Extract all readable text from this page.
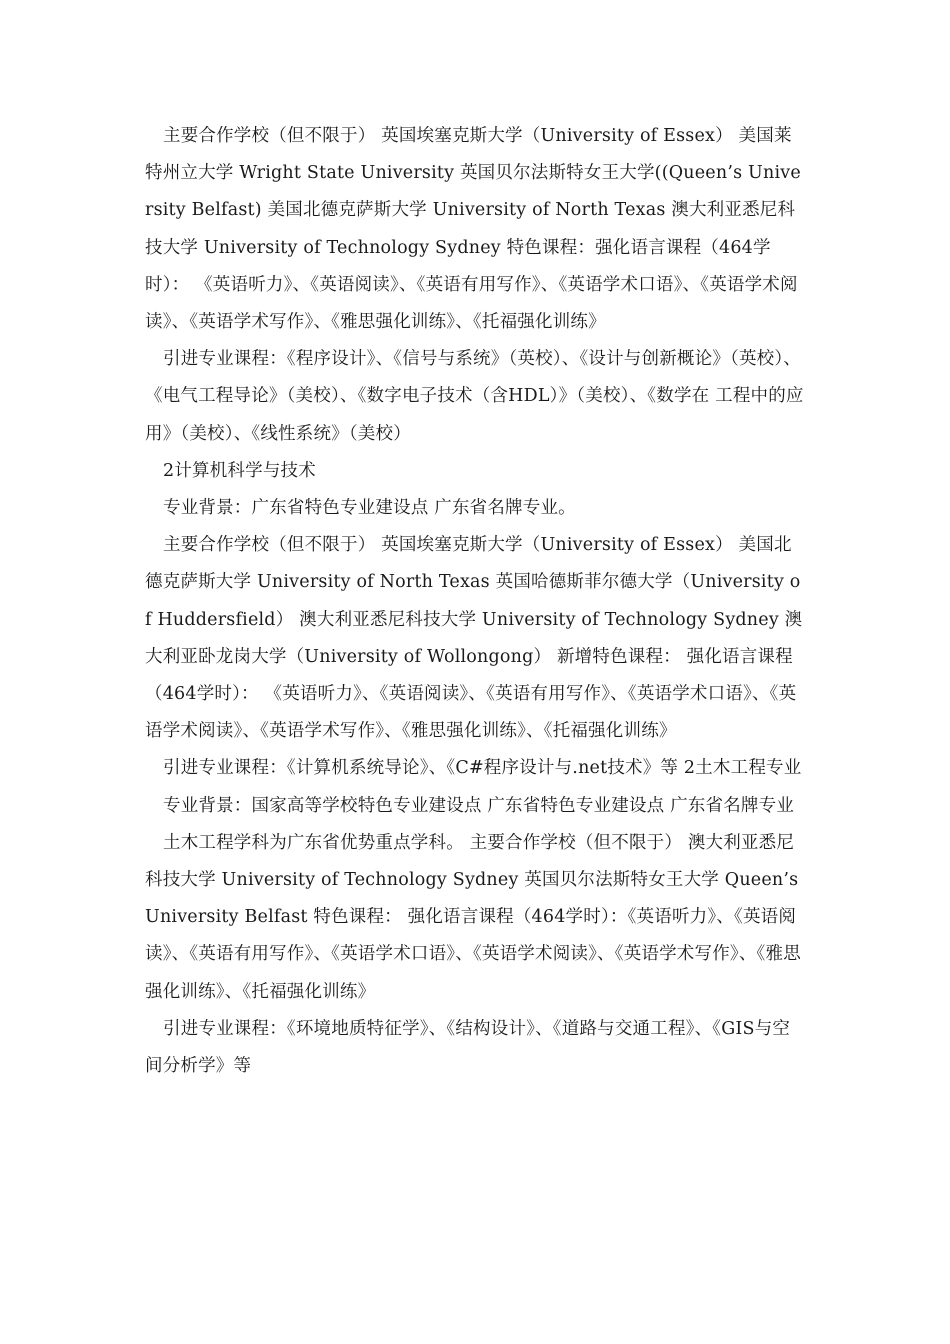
主要合作学校（但不限于） 英国埃塞克斯大学（University of Essex） 美国莱特州立大学 Wright State University 英国贝尔法斯特女王大学((Queen’s University Belfast) 美国北德克萨斯大学 University of North Texas 澳大利亚悉尼科技大学 University of Technology Sydney 特色课程：强化语言课程（464学时）： 《英语听力》、《英语阅读》、《英语有用写作》、《英语学术口语》、《英语学术阅读》、《英语学术写作》、《雅思强化训练》、《托福强化训练》

引进专业课程：《程序设计》、《信号与系统》（英校）、《设计与创新概论》（英校）、《电气工程导论》（美校）、《数字电子技术（含HDL）》（美校）、《数学在 工程中的应用》（美校）、《线性系统》（美校）

2计算机科学与技术

专业背景：广东省特色专业建设点 广东省名牌专业。

主要合作学校（但不限于） 英国埃塞克斯大学（University of Essex） 美国北德克萨斯大学 University of North Texas 英国哈德斯菲尔德大学（University of Huddersfield） 澳大利亚悉尼科技大学 University of Technology Sydney 澳大利亚卧龙岗大学（University of Wollongong） 新增特色课程： 强化语言课程（464学时）： 《英语听力》、《英语阅读》、《英语有用写作》、《英语学术口语》、《英语学术阅读》、《英语学术写作》、《雅思强化训练》、《托福强化训练》

引进专业课程：《计算机系统导论》、《C#程序设计与.net技术》等 2土木工程专业

专业背景：国家高等学校特色专业建设点 广东省特色专业建设点 广东省名牌专业

土木工程学科为广东省优势重点学科。 主要合作学校（但不限于） 澳大利亚悉尼科技大学 University of Technology Sydney 英国贝尔法斯特女王大学 Queen’s University Belfast 特色课程： 强化语言课程（464学时）：《英语听力》、《英语阅读》、《英语有用写作》、《英语学术口语》、《英语学术阅读》、《英语学术写作》、《雅思强化训练》、《托福强化训练》

引进专业课程：《环境地质特征学》、《结构设计》、《道路与交通工程》、《GIS与空间分析学》等
